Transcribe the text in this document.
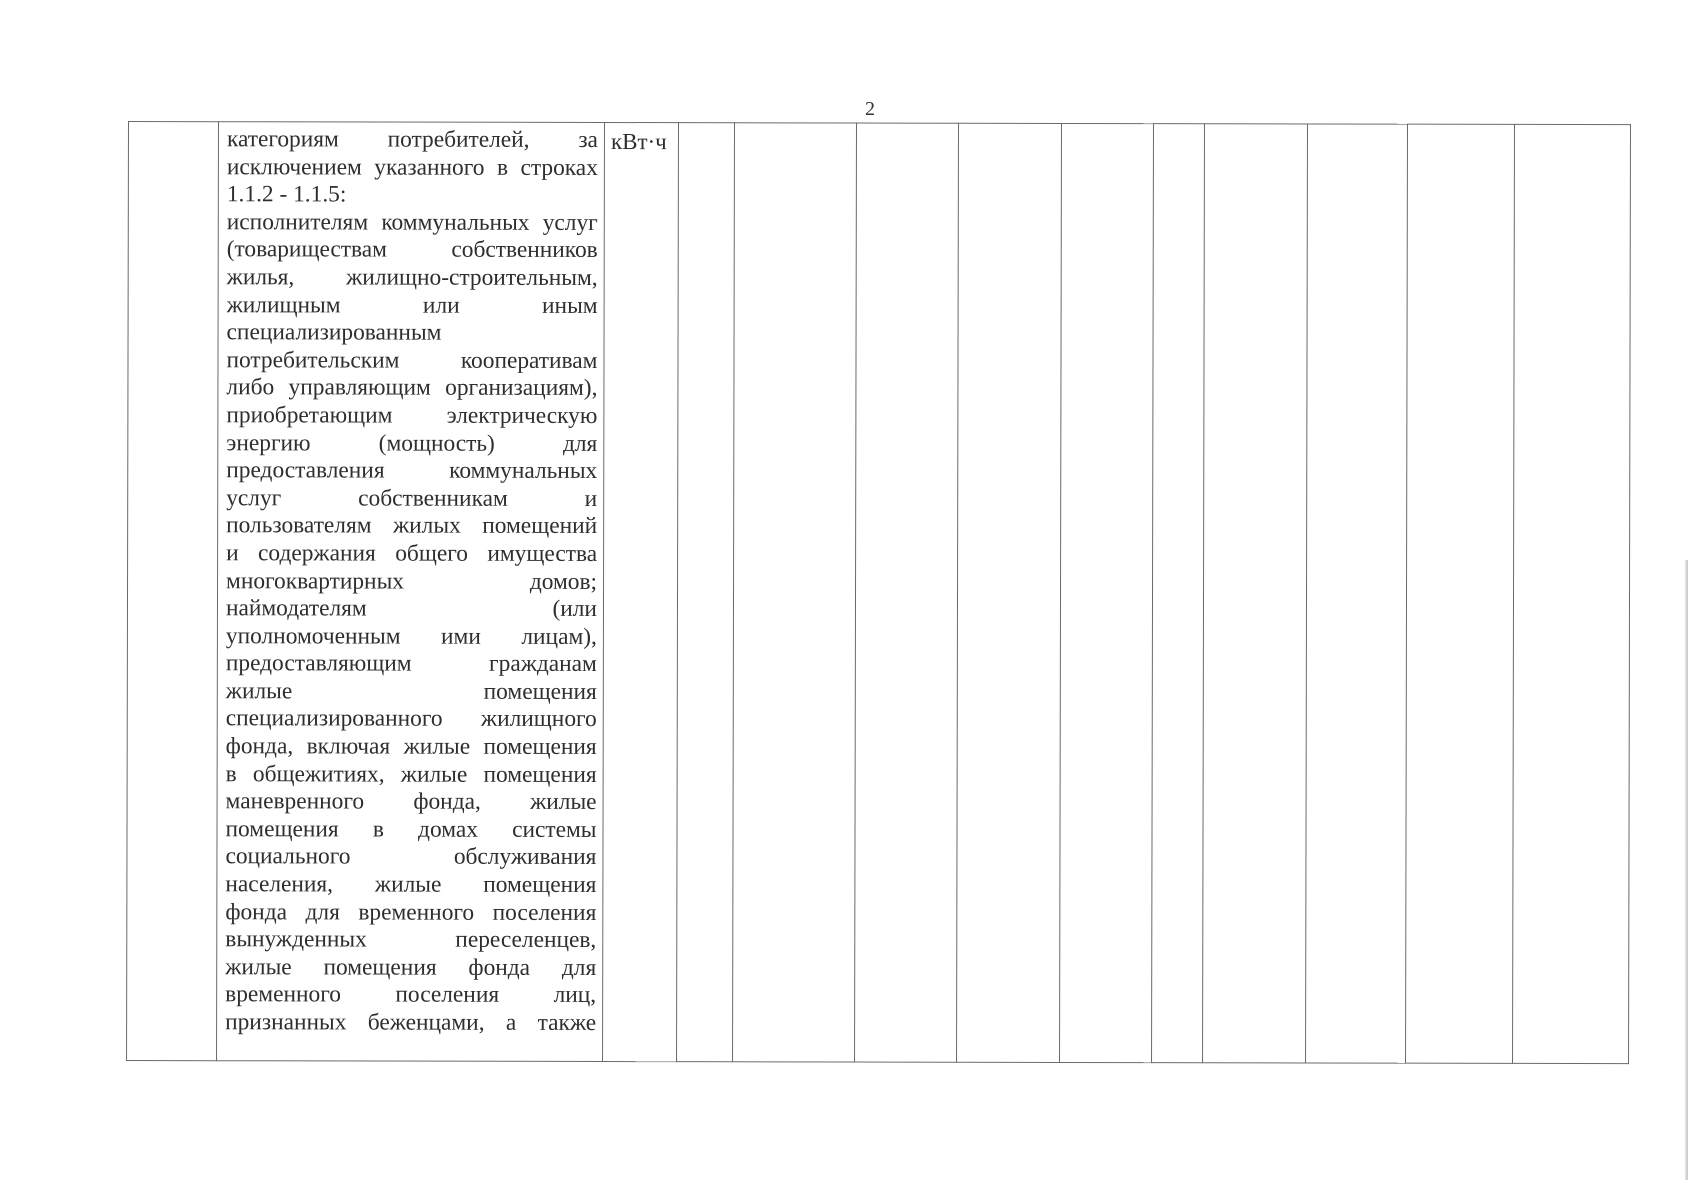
2

категориям потребителей, за

исключением указанного в строках

1.1.2 - 1.1.5:

исполнителям коммунальных услуг

(товариществам собственников

жилья, жилищно-строительным,

жилищным или иным

специализированным

потребительским кооперативам

либо управляющим организациям),

приобретающим электрическую

энергию (мощность) для

предоставления коммунальных

услуг собственникам и

пользователям жилых помещений

и содержания общего имущества

многоквартирных домов;

наймодателям (или

уполномоченным ими лицам),

предоставляющим гражданам

жилые помещения

специализированного жилищного

фонда, включая жилые помещения

в общежитиях, жилые помещения

маневренного фонда, жилые

помещения в домах системы

социального обслуживания

населения, жилые помещения

фонда для временного поселения

вынужденных переселенцев,

жилые помещения фонда для

временного поселения лиц,

признанных беженцами, а также

	кВт·ч										
